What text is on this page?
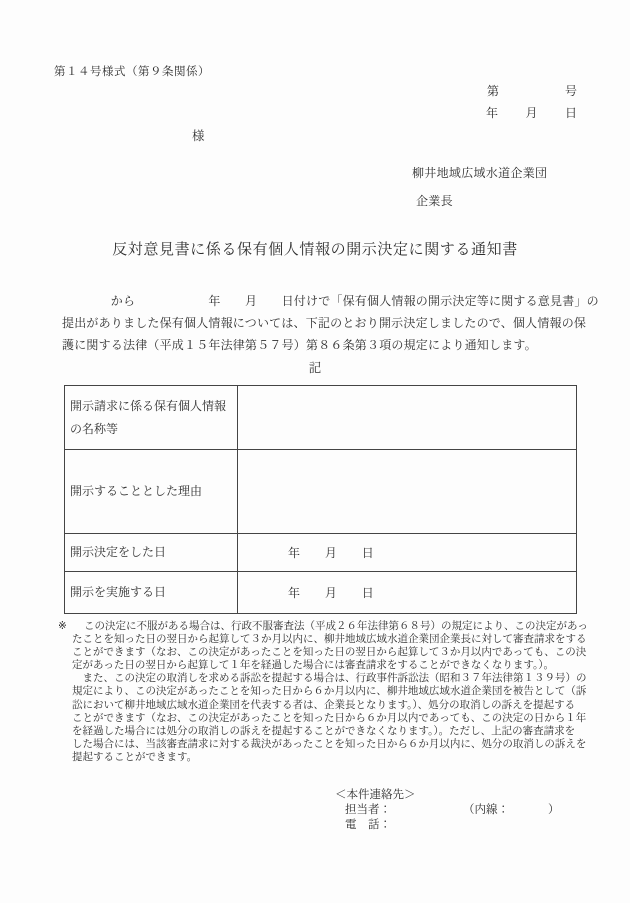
第１４号様式（第９条関係）
第	号
年 月 日
様
柳井地域広域水道企業団
企業長
反対意見書に係る保有個人情報の開示決定に関する通知書
　　　　から　　　　　　年　　月　　日付けで「保有個人情報の開示決定等に関する意見書」の
提出がありました保有個人情報については、下記のとおり開示決定しましたので、個人情報の保
護に関する法律（平成１５年法律第５７号）第８６条第３項の規定により通知します。
記
開示請求に係る保有個人情報
の名称等
開示することとした理由
開示決定をした日	年　　月　　日
開示を実施する日	年　　月　　日
※	この決定に不服がある場合は、行政不服審査法（平成２６年法律第６８号）の規定により、この決定があっ
たことを知った日の翌日から起算して３か月以内に、柳井地域広域水道企業団企業長に対して審査請求をする
ことができます（なお、この決定があったことを知った日の翌日から起算して３か月以内であっても、この決
定があった日の翌日から起算して１年を経過した場合には審査請求をすることができなくなります。）。
　また、この決定の取消しを求める訴訟を提起する場合は、行政事件訴訟法（昭和３７年法律第１３９号）の
規定により、この決定があったことを知った日から６か月以内に、柳井地域広域水道企業団を被告として（訴
訟において柳井地域広域水道企業団を代表する者は、企業長となります。）、処分の取消しの訴えを提起する
ことができます（なお、この決定があったことを知った日から６か月以内であっても、この決定の日から１年
を経過した場合には処分の取消しの訴えを提起することができなくなります。）。ただし、上記の審査請求を
した場合には、当該審査請求に対する裁決があったことを知った日から６か月以内に、処分の取消しの訴えを
提起することができます。
＜本件連絡先＞
担当者：	（内線：	）
電　話：
